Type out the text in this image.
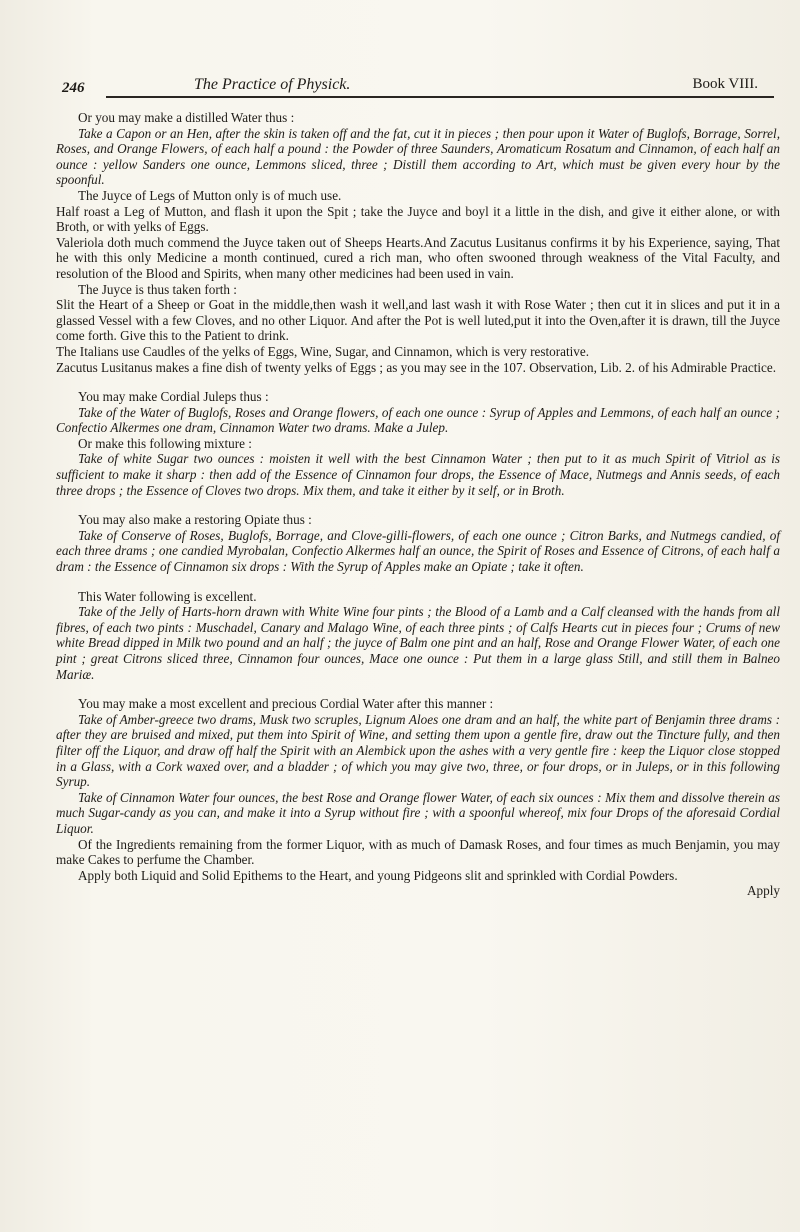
246	The Practice of Physick.	Book VIII.

Or you may make a distilled Water thus :

Take a Capon or an Hen, after the skin is taken off and the fat, cut it in pieces ; then pour upon it Water of Buglofs, Borrage, Sorrel, Roses, and Orange Flowers, of each half a pound : the Powder of three Saunders, Aromaticum Rosatum and Cinnamon, of each half an ounce : yellow Sanders one ounce, Lemmons sliced, three ; Distill them according to Art, which must be given every hour by the spoonful.

The Juyce of Legs of Mutton only is of much use.

Half roast a Leg of Mutton, and flash it upon the Spit ; take the Juyce and boyl it a little in the dish, and give it either alone, or with Broth, or with yelks of Eggs.

Valeriola doth much commend the Juyce taken out of Sheeps Hearts.And Zacutus Lusitanus confirms it by his Experience, saying, That he with this only Medicine a month continued, cured a rich man, who often swooned through weakness of the Vital Faculty, and resolution of the Blood and Spirits, when many other medicines had been used in vain.

The Juyce is thus taken forth :

Slit the Heart of a Sheep or Goat in the middle,then wash it well,and last wash it with Rose Water ; then cut it in slices and put it in a glassed Vessel with a few Cloves, and no other Liquor. And after the Pot is well luted,put it into the Oven,after it is drawn, till the Juyce come forth. Give this to the Patient to drink.

The Italians use Caudles of the yelks of Eggs, Wine, Sugar, and Cinnamon, which is very restorative.

Zacutus Lusitanus makes a fine dish of twenty yelks of Eggs ; as you may see in the 107. Observation, Lib. 2. of his Admirable Practice.

You may make Cordial Juleps thus :

Take of the Water of Buglofs, Roses and Orange flowers, of each one ounce : Syrup of Apples and Lemmons, of each half an ounce ; Confectio Alkermes one dram, Cinnamon Water two drams. Make a Julep.

Or make this following mixture :

Take of white Sugar two ounces : moisten it well with the best Cinnamon Water ; then put to it as much Spirit of Vitriol as is sufficient to make it sharp : then add of the Essence of Cinnamon four drops, the Essence of Mace, Nutmegs and Annis seeds, of each three drops ; the Essence of Cloves two drops. Mix them, and take it either by it self, or in Broth.

You may also make a restoring Opiate thus :

Take of Conserve of Roses, Buglofs, Borrage, and Clove-gilli-flowers, of each one ounce ; Citron Barks, and Nutmegs candied, of each three drams ; one candied Myrobalan, Confectio Alkermes half an ounce, the Spirit of Roses and Essence of Citrons, of each half a dram : the Essence of Cinnamon six drops : With the Syrup of Apples make an Opiate ; take it often.

This Water following is excellent.

Take of the Jelly of Harts-horn drawn with White Wine four pints ; the Blood of a Lamb and a Calf cleansed with the hands from all fibres, of each two pints : Muschadel, Canary and Malago Wine, of each three pints ; of Calfs Hearts cut in pieces four ; Crums of new white Bread dipped in Milk two pound and an half ; the juyce of Balm one pint and an half, Rose and Orange Flower Water, of each one pint ; great Citrons sliced three, Cinnamon four ounces, Mace one ounce : Put them in a large glass Still, and still them in Balneo Mariæ.

You may make a most excellent and precious Cordial Water after this manner :

Take of Amber-greece two drams, Musk two scruples, Lignum Aloes one dram and an half, the white part of Benjamin three drams : after they are bruised and mixed, put them into Spirit of Wine, and setting them upon a gentle fire, draw out the Tincture fully, and then filter off the Liquor, and draw off half the Spirit with an Alembick upon the ashes with a very gentle fire : keep the Liquor close stopped in a Glass, with a Cork waxed over, and a bladder ; of which you may give two, three, or four drops, or in Juleps, or in this following Syrup.

Take of Cinnamon Water four ounces, the best Rose and Orange flower Water, of each six ounces : Mix them and dissolve therein as much Sugar-candy as you can, and make it into a Syrup without fire ; with a spoonful whereof, mix four Drops of the aforesaid Cordial Liquor.

Of the Ingredients remaining from the former Liquor, with as much of Damask Roses, and four times as much Benjamin, you may make Cakes to perfume the Chamber.

Apply both Liquid and Solid Epithems to the Heart, and young Pidgeons slit and sprinkled with Cordial Powders.

Apply
